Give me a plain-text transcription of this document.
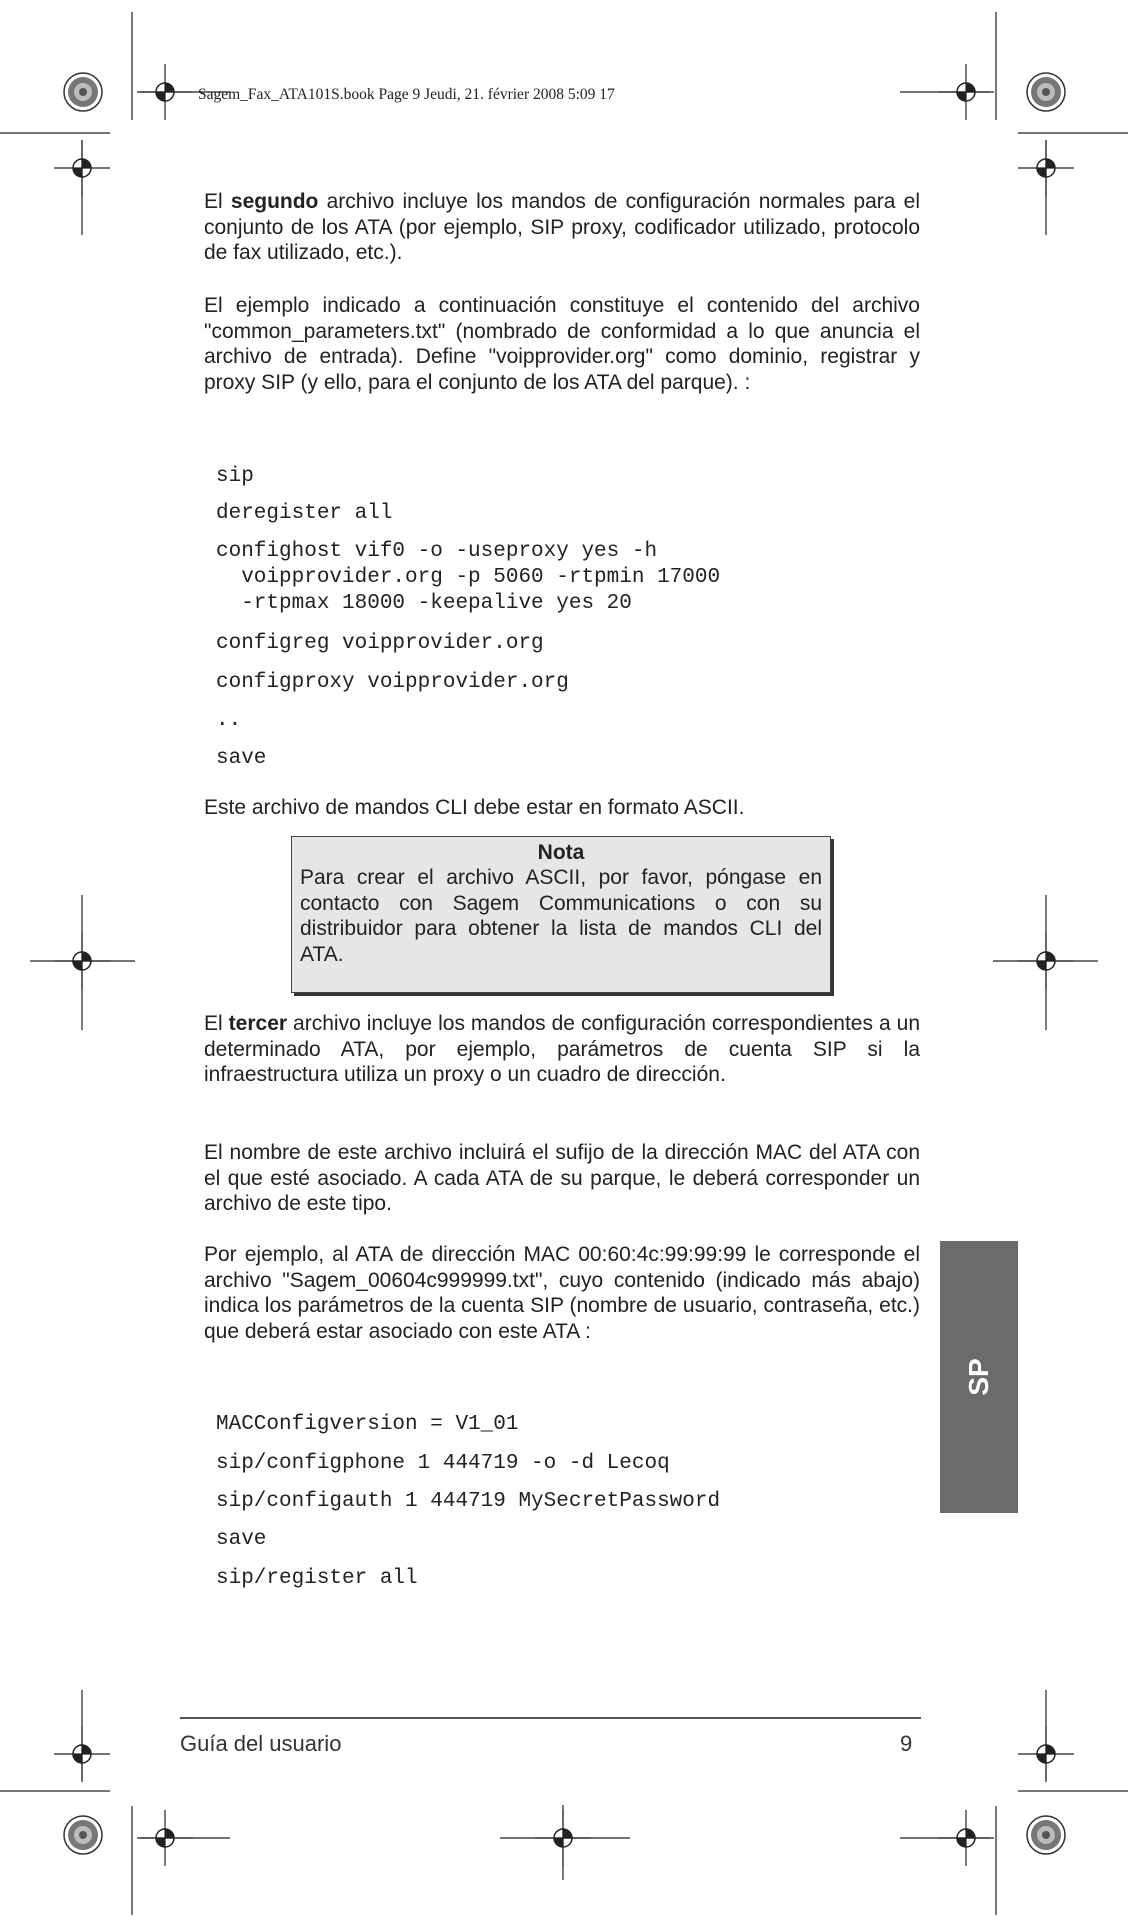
Sagem_Fax_ATA101S.book Page 9 Jeudi, 21. février 2008 5:09 17
El segundo archivo incluye los mandos de configuración normales para el conjunto de los ATA (por ejemplo, SIP proxy, codificador utilizado, protocolo de fax utilizado, etc.).
El ejemplo indicado a continuación constituye el contenido del archivo "common_parameters.txt" (nombrado de conformidad a lo que anuncia el archivo de entrada). Define "voipprovider.org" como dominio, registrar y proxy SIP (y ello, para el conjunto de los ATA del parque). :
sip
deregister all
confighost vif0 -o -useproxy yes -h
voipprovider.org -p 5060 -rtpmin 17000
-rtpmax 18000 -keepalive yes 20
configreg voipprovider.org
configproxy voipprovider.org
..
save
Este archivo de mandos CLI debe estar en formato ASCII.
Nota
Para crear el archivo ASCII, por favor, póngase en contacto con Sagem Communications o con su distribuidor para obtener la lista de mandos CLI del ATA.
El tercer archivo incluye los mandos de configuración correspondientes a un determinado ATA, por ejemplo, parámetros de cuenta SIP si la infraestructura utiliza un proxy o un cuadro de dirección.
El nombre de este archivo incluirá el sufijo de la dirección MAC del ATA con el que esté asociado. A cada ATA de su parque, le deberá corresponder un archivo de este tipo.
Por ejemplo, al ATA de dirección MAC 00:60:4c:99:99:99 le corresponde el archivo "Sagem_00604c999999.txt", cuyo contenido (indicado más abajo) indica los parámetros de la cuenta SIP (nombre de usuario, contraseña, etc.) que deberá estar asociado con este ATA :
MACConfigversion = V1_01
sip/configphone 1 444719 -o -d Lecoq
sip/configauth 1 444719 MySecretPassword
save
sip/register all
SP
Guía del usuario	9
